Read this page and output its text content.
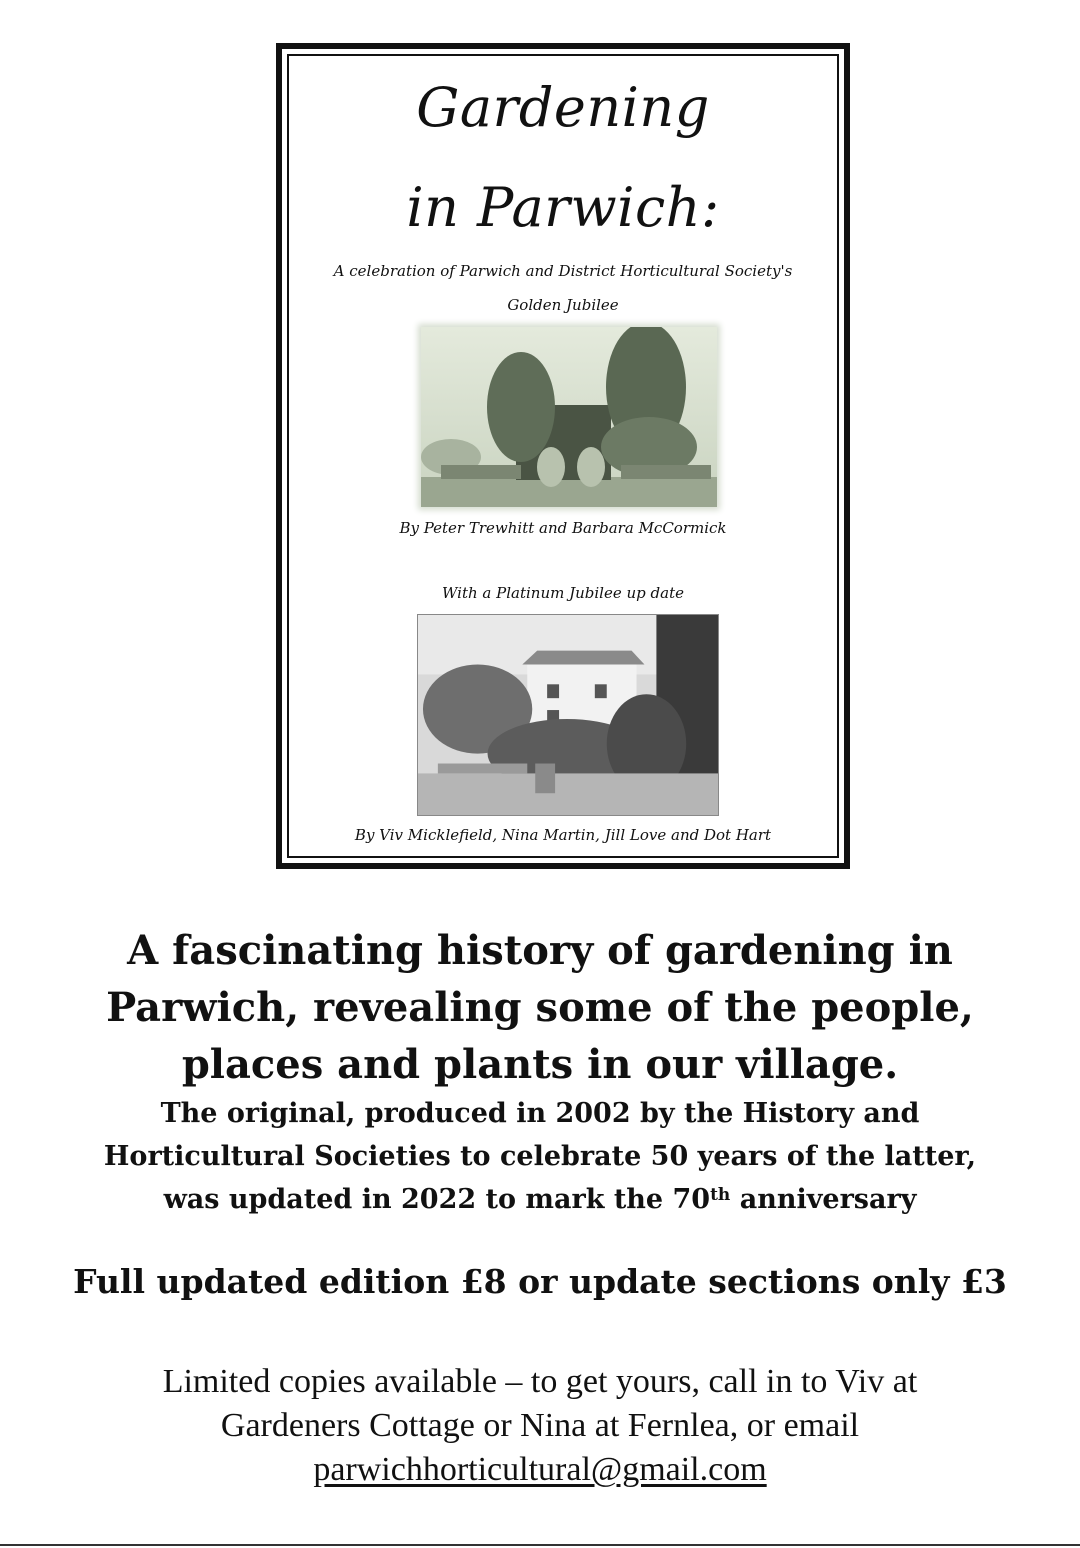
Gardening
in Parwich:
A celebration of Parwich and District Horticultural Society's
Golden Jubilee
By Peter Trewhitt and Barbara McCormick
With a Platinum Jubilee up date
By Viv Micklefield, Nina Martin, Jill Love and Dot Hart
A fascinating history of gardening in
Parwich, revealing some of the people,
places and plants in our village.
The original, produced in 2002 by the History and
Horticultural Societies to celebrate 50 years of the latter,
was updated in 2022 to mark the 70th anniversary
Full updated edition £8 or update sections only £3
Limited copies available – to get yours, call in to Viv at
Gardeners Cottage or Nina at Fernlea, or email
parwichhorticultural@gmail.com
